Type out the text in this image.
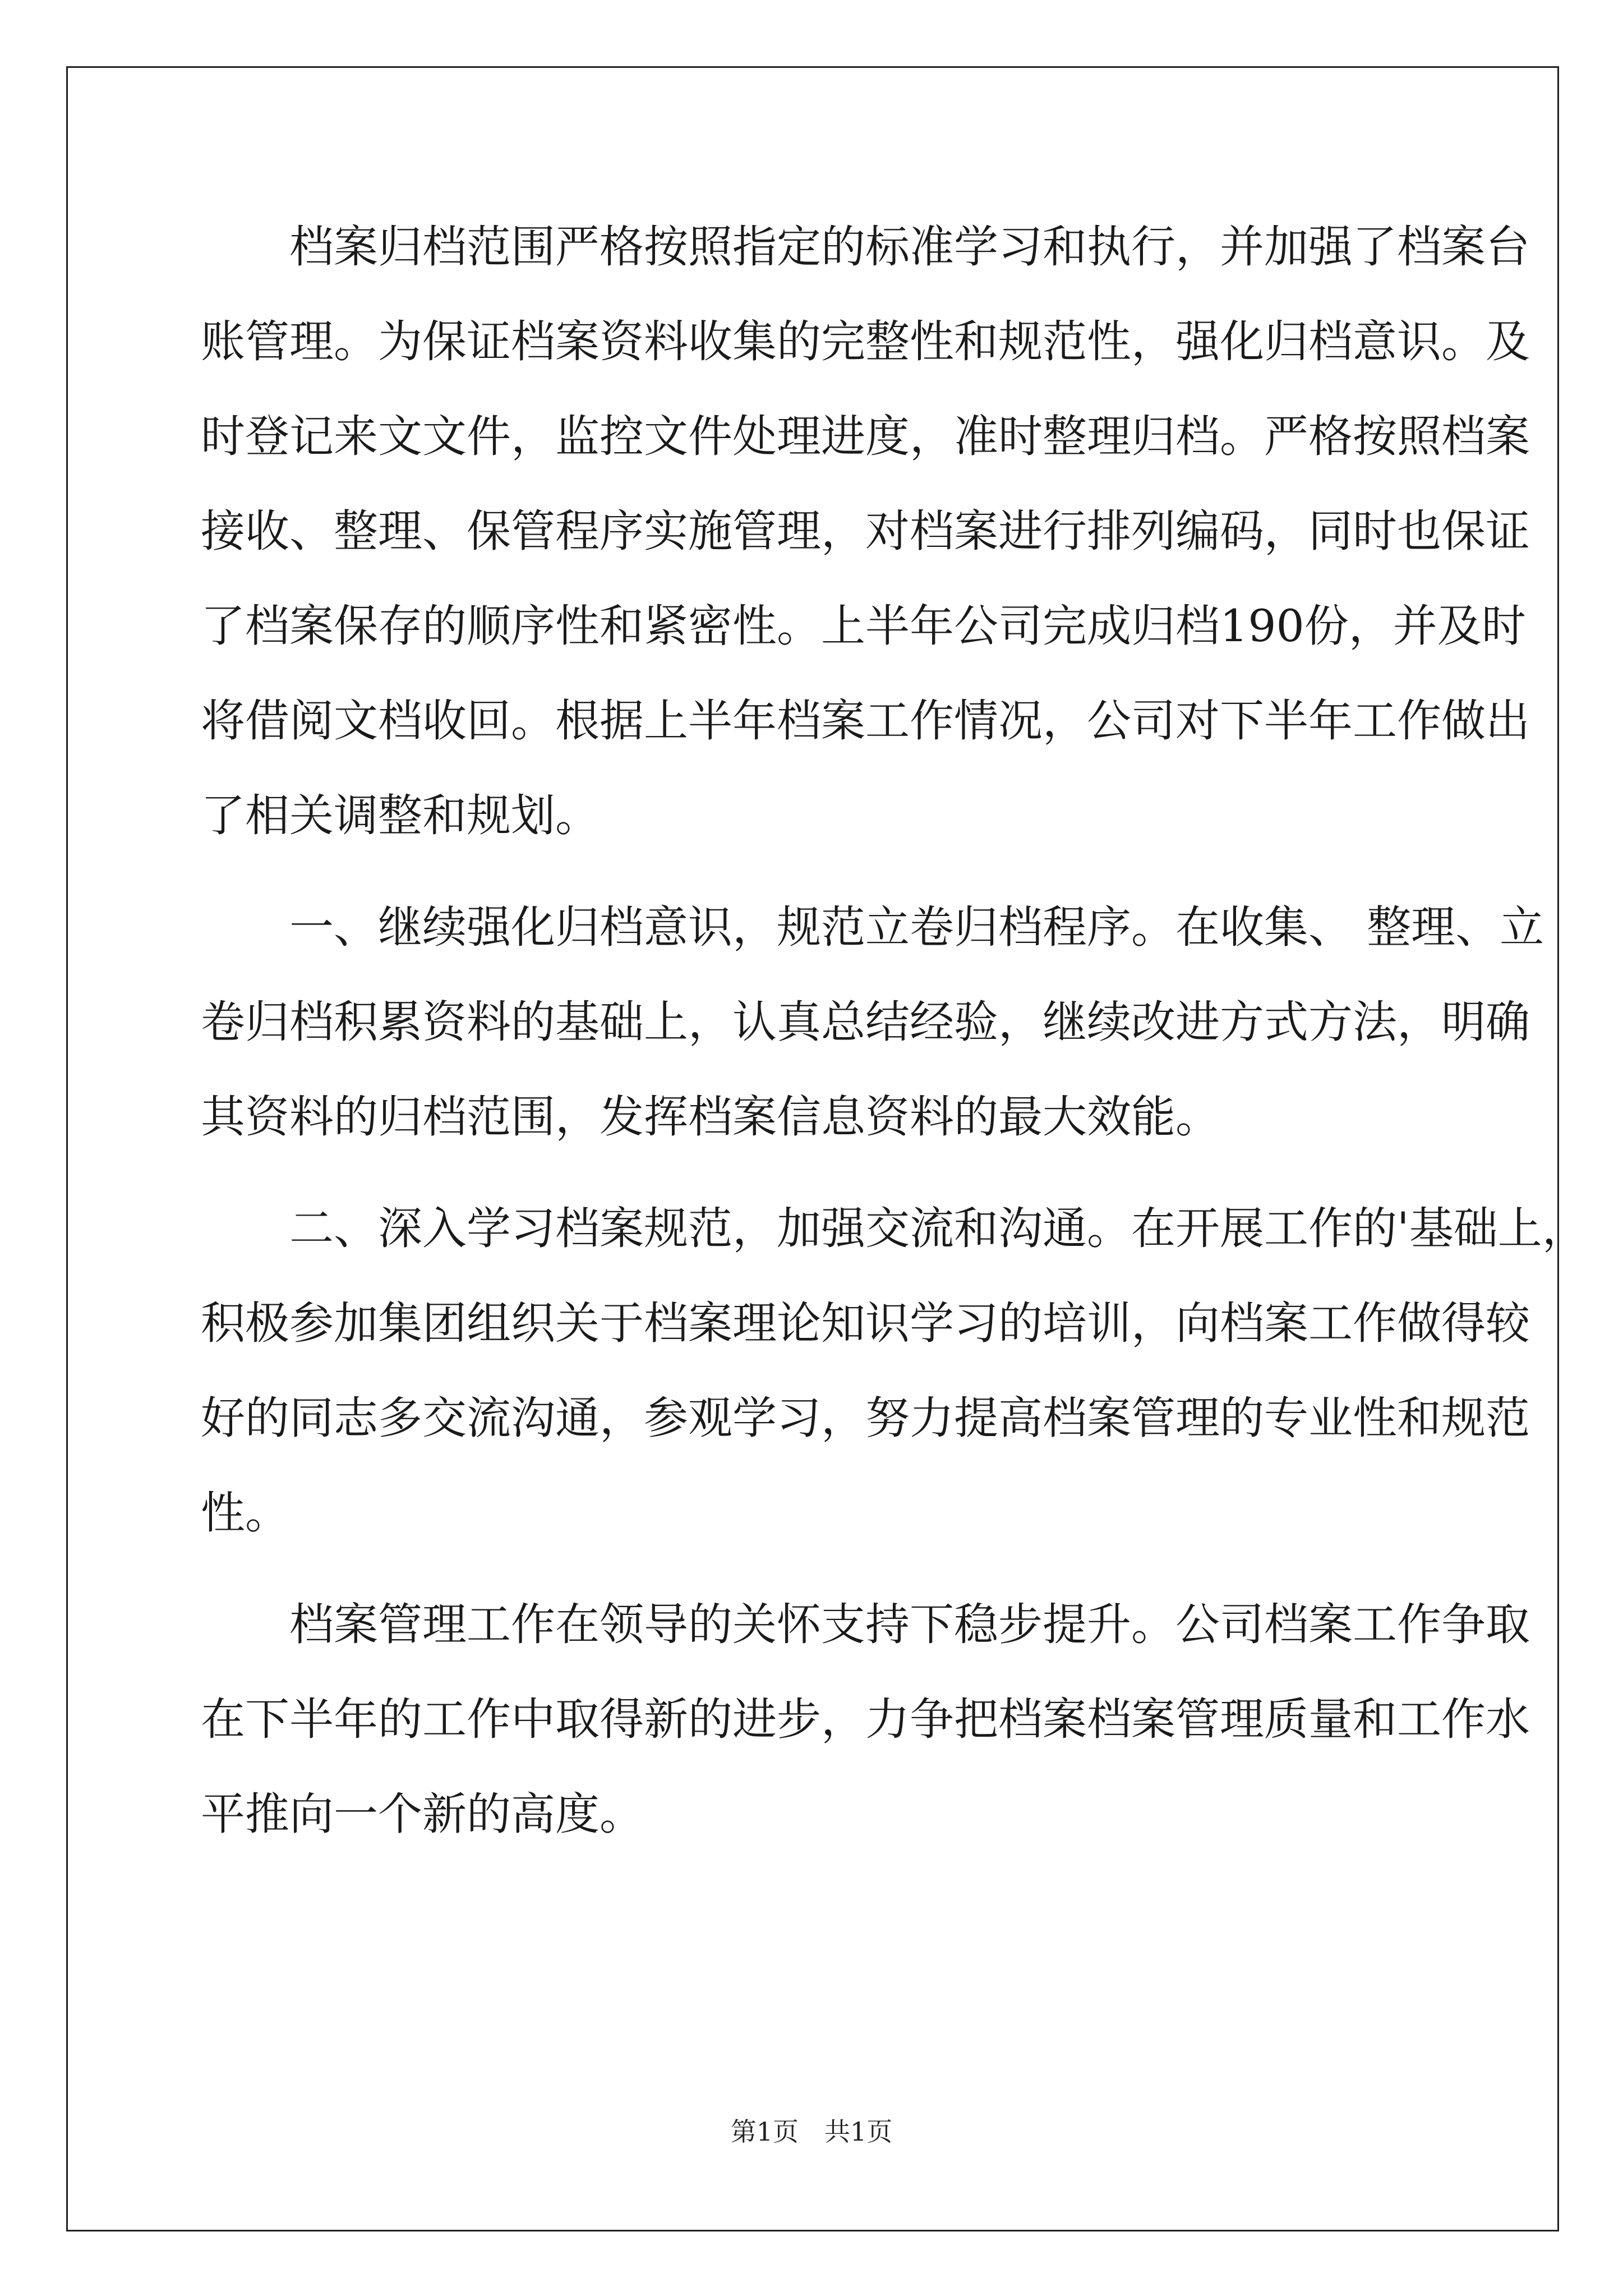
档案归档范围严格按照指定的标准学习和执行，并加强了档案台
账管理。为保证档案资料收集的完整性和规范性，强化归档意识。及
时登记来文文件，监控文件处理进度，准时整理归档。严格按照档案
接收、整理、保管程序实施管理，对档案进行排列编码，同时也保证
了档案保存的顺序性和紧密性。上半年公司完成归档190份，并及时
将借阅文档收回。根据上半年档案工作情况，公司对下半年工作做出
了相关调整和规划。
一、继续强化归档意识，规范立卷归档程序。在收集、 整理、立
卷归档积累资料的基础上，认真总结经验，继续改进方式方法，明确
其资料的归档范围，发挥档案信息资料的最大效能。
二、深入学习档案规范，加强交流和沟通。在开展工作的'基础上，
积极参加集团组织关于档案理论知识学习的培训，向档案工作做得较
好的同志多交流沟通，参观学习，努力提高档案管理的专业性和规范
性。
档案管理工作在领导的关怀支持下稳步提升。公司档案工作争取
在下半年的工作中取得新的进步，力争把档案档案管理质量和工作水
平推向一个新的高度。
第1页　共1页
